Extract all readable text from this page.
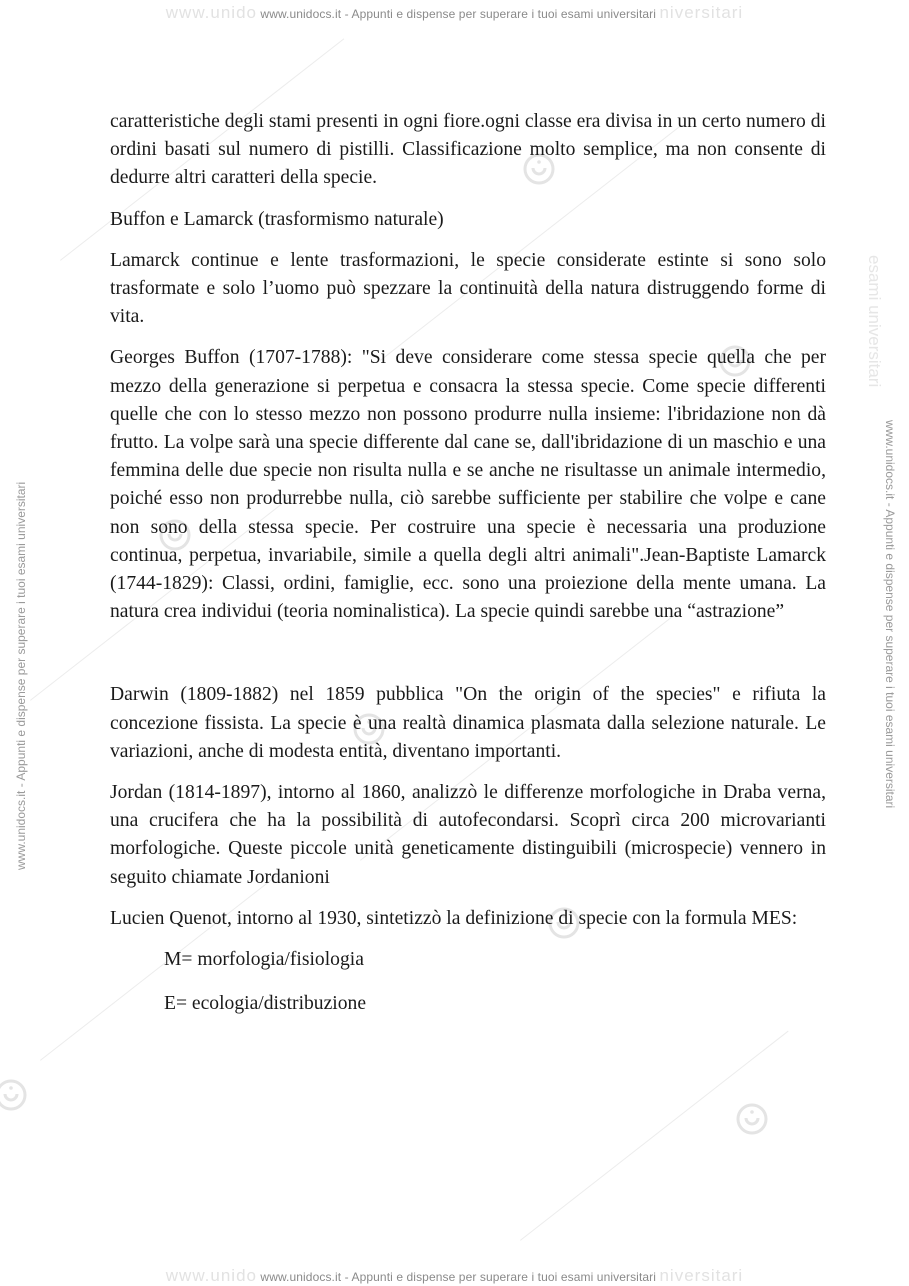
www.unido www.unidocs.it - Appunti e dispense per superare i tuoi esami universitari niversitari
www.unido www.unidocs.it - Appunti e dispense per superare i tuoi esami universitari niversitari
www.unidocs.it - Appunti e dispense per superare i tuoi esami universitari	www.unidocs.it - Appunti e dispense per superare i tuoi esami universitari
esami universitari

caratteristiche degli stami presenti in ogni fiore.ogni classe era divisa in un certo numero di ordini basati sul numero di pistilli. Classificazione molto semplice, ma non consente di dedurre altri caratteri della specie.

Buffon e Lamarck (trasformismo naturale)

Lamarck continue e lente trasformazioni, le specie considerate estinte si sono solo trasformate e solo l’uomo può spezzare la continuità della natura distruggendo forme di vita.

Georges Buffon (1707-1788): "Si deve considerare come stessa specie quella che per mezzo della generazione si perpetua e consacra la stessa specie. Come specie differenti quelle che con lo stesso mezzo non possono produrre nulla insieme: l'ibridazione non dà frutto. La volpe sarà una specie differente dal cane se, dall'ibridazione di un maschio e una femmina delle due specie non risulta nulla e se anche ne risultasse un animale intermedio, poiché esso non produrrebbe nulla, ciò sarebbe sufficiente per stabilire che volpe e cane non sono della stessa specie. Per costruire una specie è necessaria una produzione continua, perpetua, invariabile, simile a quella degli altri animali".Jean-Baptiste Lamarck (1744-1829): Classi, ordini, famiglie, ecc. sono una proiezione della mente umana. La natura crea individui (teoria nominalistica). La specie quindi sarebbe una “astrazione”

Darwin (1809-1882) nel 1859 pubblica "On the origin of the species" e rifiuta la concezione fissista. La specie è una realtà dinamica plasmata dalla selezione naturale. Le variazioni, anche di modesta entità, diventano importanti.

Jordan (1814-1897), intorno al 1860, analizzò le differenze morfologiche in Draba verna, una crucifera che ha la possibilità di autofecondarsi. Scoprì circa 200 microvarianti morfologiche. Queste piccole unità geneticamente distinguibili (microspecie) vennero in seguito chiamate Jordanioni

Lucien Quenot, intorno al 1930, sintetizzò la definizione di specie con la formula MES:

M= morfologia/fisiologia

E= ecologia/distribuzione
